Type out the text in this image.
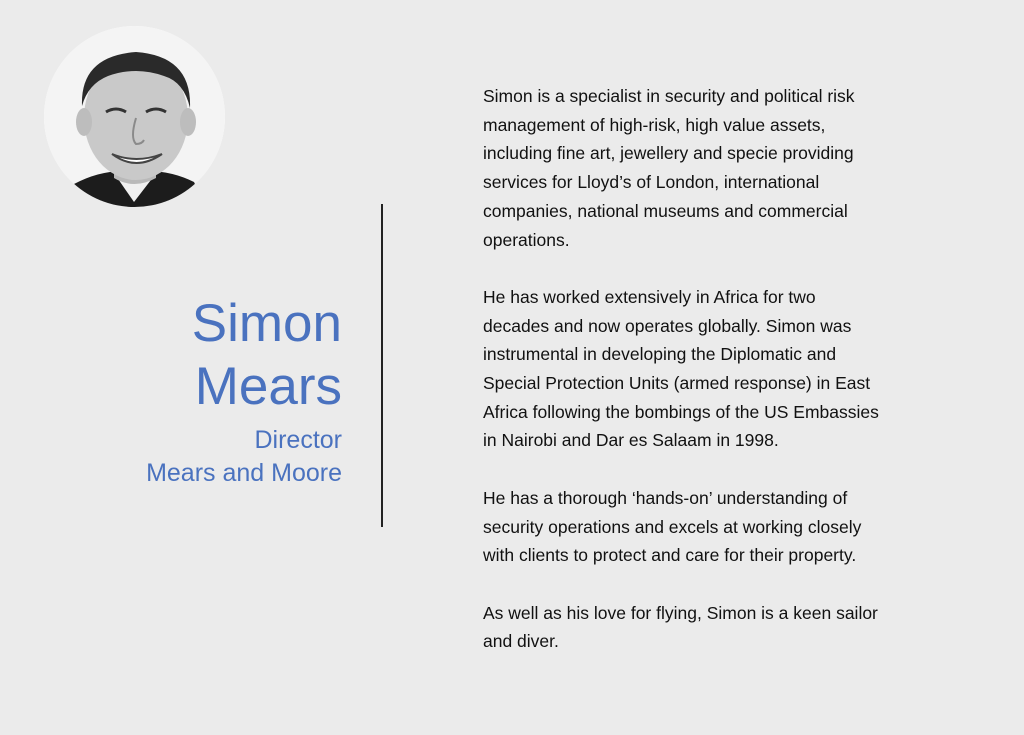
Simon
Mears
Director
Mears and Moore

Simon is a specialist in security and political risk
management of high-risk, high value assets,
including fine art, jewellery and specie providing
services for Lloyd’s of London, international
companies, national museums and commercial
operations.

He has worked extensively in Africa for two
decades and now operates globally. Simon was
instrumental in developing the Diplomatic and
Special Protection Units (armed response) in East
Africa following the bombings of the US Embassies
in Nairobi and Dar es Salaam in 1998.

He has a thorough ‘hands-on’ understanding of
security operations and excels at working closely
with clients to protect and care for their property.

As well as his love for flying, Simon is a keen sailor
and diver.
